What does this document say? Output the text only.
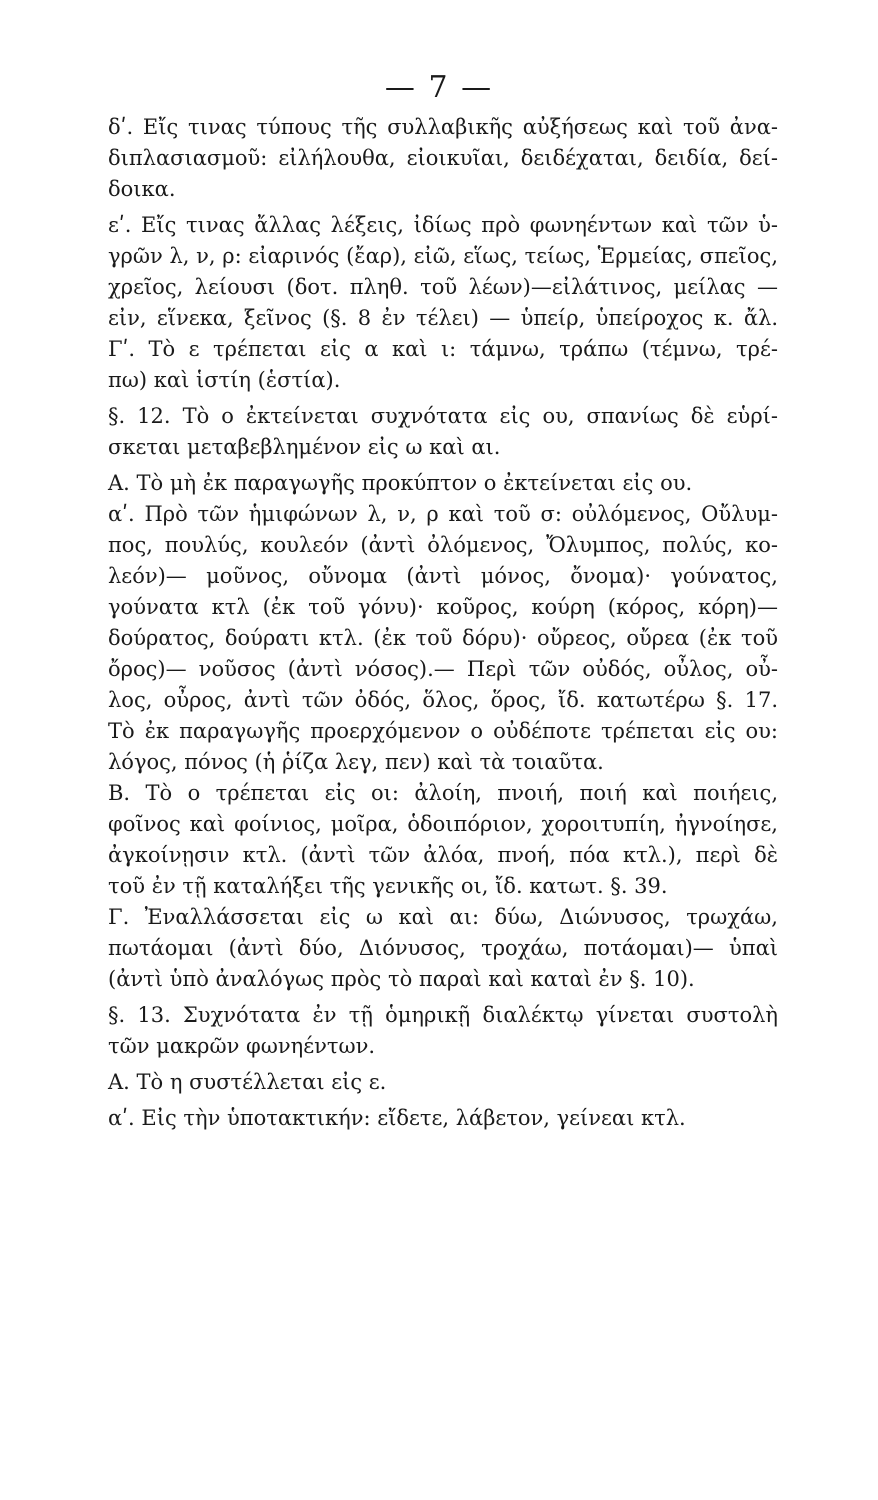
— 7 —

δʹ. Εἴς τινας τύπους τῆς συλλαβικῆς αὐξήσεως καὶ τοῦ ἀνα-

διπλασιασμοῦ: εἰλήλουθα, εἰοικυῖαι, δειδέχαται, δειδία, δεί-

δοικα.

εʹ. Εἴς τινας ἄλλας λέξεις, ἰδίως πρὸ φωνηέντων καὶ τῶν ὑ-

γρῶν λ, ν, ρ: εἰαρινός (ἔαρ), εἰῶ, εἵως, τείως, Ἑρμείας, σπεῖος,

χρεῖος, λείουσι (δοτ. πληθ. τοῦ λέων)—εἰλάτινος, μείλας —

εἰν, εἵνεκα, ξεῖνος (§. 8 ἐν τέλει) — ὑπείρ, ὑπείροχος κ. ἄλ.

Γʹ. Τὸ ε τρέπεται εἰς α καὶ ι: τάμνω, τράπω (τέμνω, τρέ-

πω) καὶ ἱστίη (ἑστία).

§. 12. Τὸ ο ἐκτείνεται συχνότατα εἰς ου, σπανίως δὲ εὑρί-

σκεται μεταβεβλημένον εἰς ω καὶ αι.

Α. Τὸ μὴ ἐκ παραγωγῆς προκύπτον ο ἐκτείνεται εἰς ου.

αʹ. Πρὸ τῶν ἡμιφώνων λ, ν, ρ καὶ τοῦ σ: οὐλόμενος, Οὔλυμ-

πος, πουλύς, κουλεόν (ἀντὶ ὀλόμενος, Ὄλυμπος, πολύς, κο-

λεόν)— μοῦνος, οὔνομα (ἀντὶ μόνος, ὄνομα)· γούνατος,

γούνατα κτλ (ἐκ τοῦ γόνυ)· κοῦρος, κούρη (κόρος, κόρη)—

δούρατος, δούρατι κτλ. (ἐκ τοῦ δόρυ)· οὔρεος, οὔρεα (ἐκ τοῦ

ὄρος)— νοῦσος (ἀντὶ νόσος).— Περὶ τῶν οὐδός, οὖλος, οὖ-

λος, οὖρος, ἀντὶ τῶν ὀδός, ὅλος, ὅρος, ἴδ. κατωτέρω §. 17.

Τὸ ἐκ παραγωγῆς προερχόμενον ο οὐδέποτε τρέπεται εἰς ου:

λόγος, πόνος (ἡ ῥίζα λεγ, πεν) καὶ τὰ τοιαῦτα.

Β. Τὸ ο τρέπεται εἰς οι: ἀλοίη, πνοιή, ποιή καὶ ποιήεις,

φοῖνος καὶ φοίνιος, μοῖρα, ὁδοιπόριον, χοροιτυπίη, ἠγνοίησε,

ἀγκοίνῃσιν κτλ. (ἀντὶ τῶν ἀλόα, πνοή, πόα κτλ.), περὶ δὲ

τοῦ ἐν τῇ καταλήξει τῆς γενικῆς οι, ἴδ. κατωτ. §. 39.

Γ. Ἐναλλάσσεται εἰς ω καὶ αι: δύω, Διώνυσος, τρωχάω,

πωτάομαι (ἀντὶ δύο, Διόνυσος, τροχάω, ποτάομαι)— ὑπαὶ

(ἀντὶ ὑπὸ ἀναλόγως πρὸς τὸ παραὶ καὶ καταὶ ἐν §. 10).

§. 13. Συχνότατα ἐν τῇ ὁμηρικῇ διαλέκτῳ γίνεται συστολὴ

τῶν μακρῶν φωνηέντων.

Α. Τὸ η συστέλλεται εἰς ε.

αʹ. Εἰς τὴν ὑποτακτικήν: εἴδετε, λάβετον, γείνεαι κτλ.
